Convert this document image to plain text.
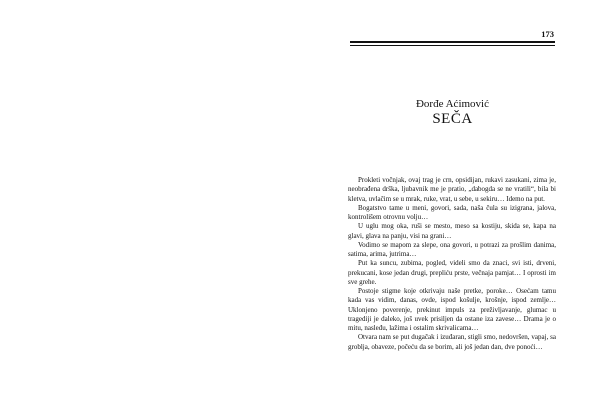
173
Đorđe Aćimović
SEČA

Prokleti vočnjak, ovaj trag je crn, opsidijan, rukavi zasukani, zima je, neobrađena drška, ljubavnik me je pratio, „dabogda se ne vratili“, bila bi kletva, uvlačim se u mrak, ruke, vrat, u sebe, u sekiru… Idemo na put.

Bogatstvo tame u meni, govori, sada, naša čula su izigrana, jalova, kontrolišem otrovnu volju…

U uglu mog oka, ruši se mesto, meso sa kostiju, skida se, kapa na glavi, glava na panju, visi na grani…

Vodimo se mapom za slepe, ona govori, u potrazi za prošlim danima, satima, arima, jutrima…

Put ka suncu, zubima, pogled, videli smo da znaci, svi isti, drveni, prekucani, kose jedan drugi, prepliću prste, večnaja pamjat… I oprosti im sve grehe.

Postoje stigme koje otkrivaju naše pretke, poroke… Osećam tamu kada vas vidim, danas, ovde, ispod košulje, krošnje, ispod zemlje… Uklonjeno poverenje, prekinut impuls za preživljavanje, glumac u tragediji je daleko, još uvek prisiljen da ostane iza zavese… Drama je o mitu, nasleđu, lažima i ostalim skrivalicama…

Otvara nam se put dugačak i izuđaran, stigli smo, nedovršen, vapaj, sa groblja, obaveze, počeću da se borim, ali još jedan dan, dve ponoći…
